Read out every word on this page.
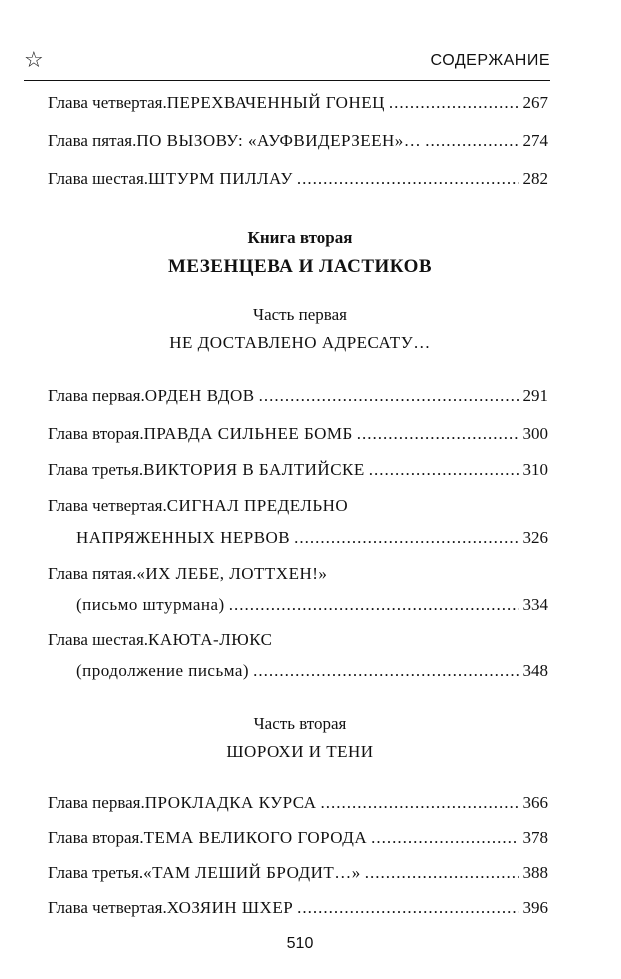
☆	СОДЕРЖАНИЕ
Глава четвертая. ПЕРЕХВАЧЕННЫЙ ГОНЕЦ .....	267
Глава пятая. ПО ВЫЗОВУ: «АУФВИДЕРЗЕЕН»… .....	274
Глава шестая. ШТУРМ ПИЛЛАУ .....	282
Книга вторая
МЕЗЕНЦЕВА И ЛАСТИКОВ
Часть первая
НЕ ДОСТАВЛЕНО АДРЕСАТУ…
Глава первая. ОРДЕН ВДОВ .....	291
Глава вторая. ПРАВДА СИЛЬНЕЕ БОМБ .....	300
Глава третья. ВИКТОРИЯ В БАЛТИЙСКЕ .....	310
Глава четвертая. СИГНАЛ ПРЕДЕЛЬНО
НАПРЯЖЕННЫХ НЕРВОВ .....	326
Глава пятая. «ИХ ЛЕБЕ, ЛОТТХЕН!»
(письмо штурмана) .....	334
Глава шестая. КАЮТА-ЛЮКС
(продолжение письма) .....	348
Часть вторая
ШОРОХИ И ТЕНИ
Глава первая. ПРОКЛАДКА КУРСА .....	366
Глава вторая. ТЕМА ВЕЛИКОГО ГОРОДА .....	378
Глава третья. «ТАМ ЛЕШИЙ БРОДИТ…» .....	388
Глава четвертая. ХОЗЯИН ШХЕР .....	396
510
